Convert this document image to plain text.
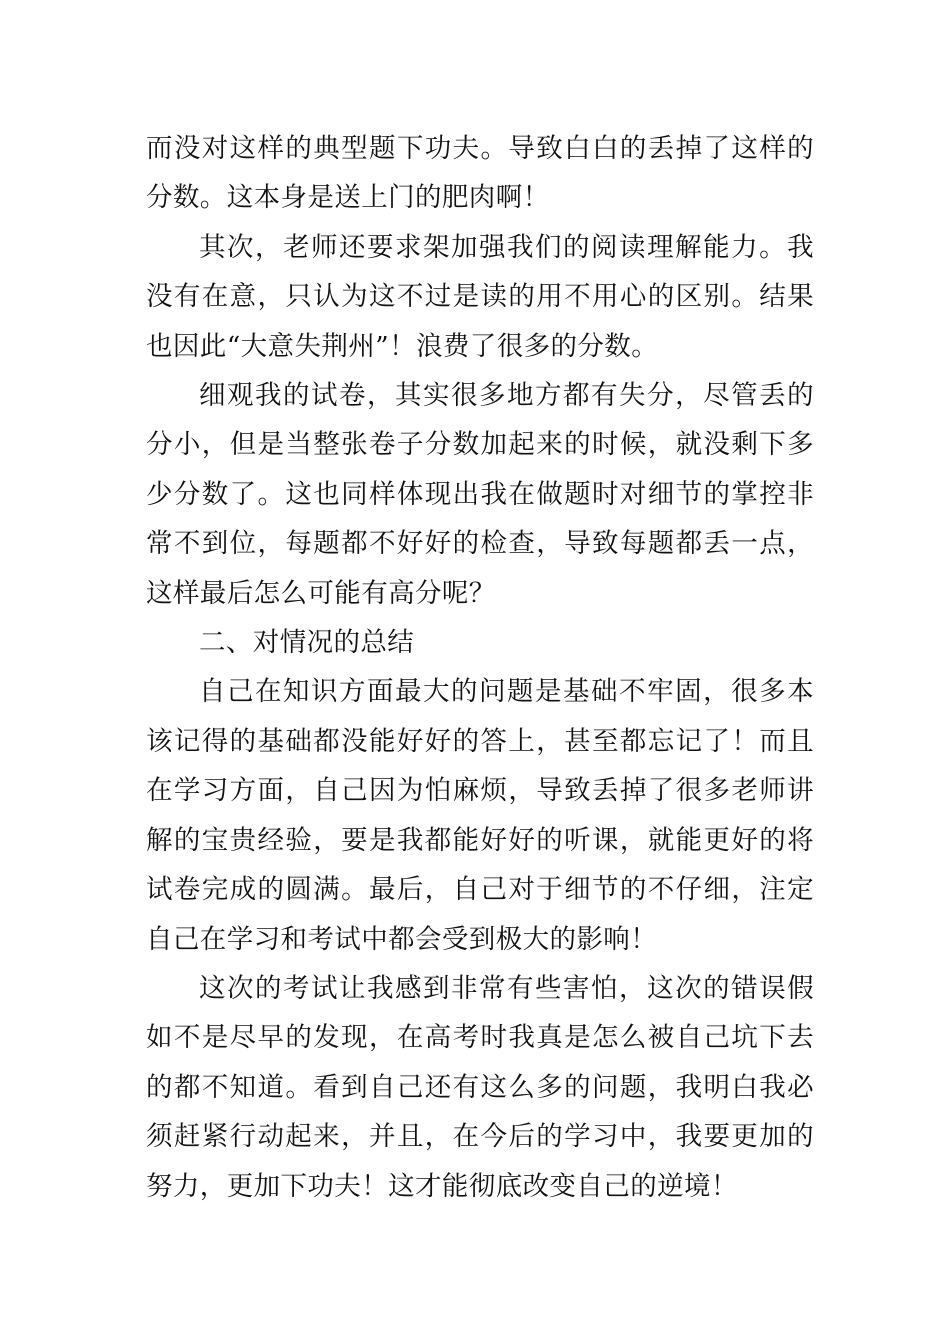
而没对这样的典型题下功夫。导致白白的丢掉了这样的分数。这本身是送上门的肥肉啊！

其次，老师还要求架加强我们的阅读理解能力。我没有在意，只认为这不过是读的用不用心的区别。结果也因此“大意失荆州”！浪费了很多的分数。

细观我的试卷，其实很多地方都有失分，尽管丢的分小，但是当整张卷子分数加起来的时候，就没剩下多少分数了。这也同样体现出我在做题时对细节的掌控非常不到位，每题都不好好的检查，导致每题都丢一点，这样最后怎么可能有高分呢？

二、对情况的总结

自己在知识方面最大的问题是基础不牢固，很多本该记得的基础都没能好好的答上，甚至都忘记了！而且在学习方面，自己因为怕麻烦，导致丢掉了很多老师讲解的宝贵经验，要是我都能好好的听课，就能更好的将试卷完成的圆满。最后，自己对于细节的不仔细，注定自己在学习和考试中都会受到极大的影响！

这次的考试让我感到非常有些害怕，这次的错误假如不是尽早的发现，在高考时我真是怎么被自己坑下去的都不知道。看到自己还有这么多的问题，我明白我必须赶紧行动起来，并且，在今后的学习中，我要更加的努力，更加下功夫！这才能彻底改变自己的逆境！
